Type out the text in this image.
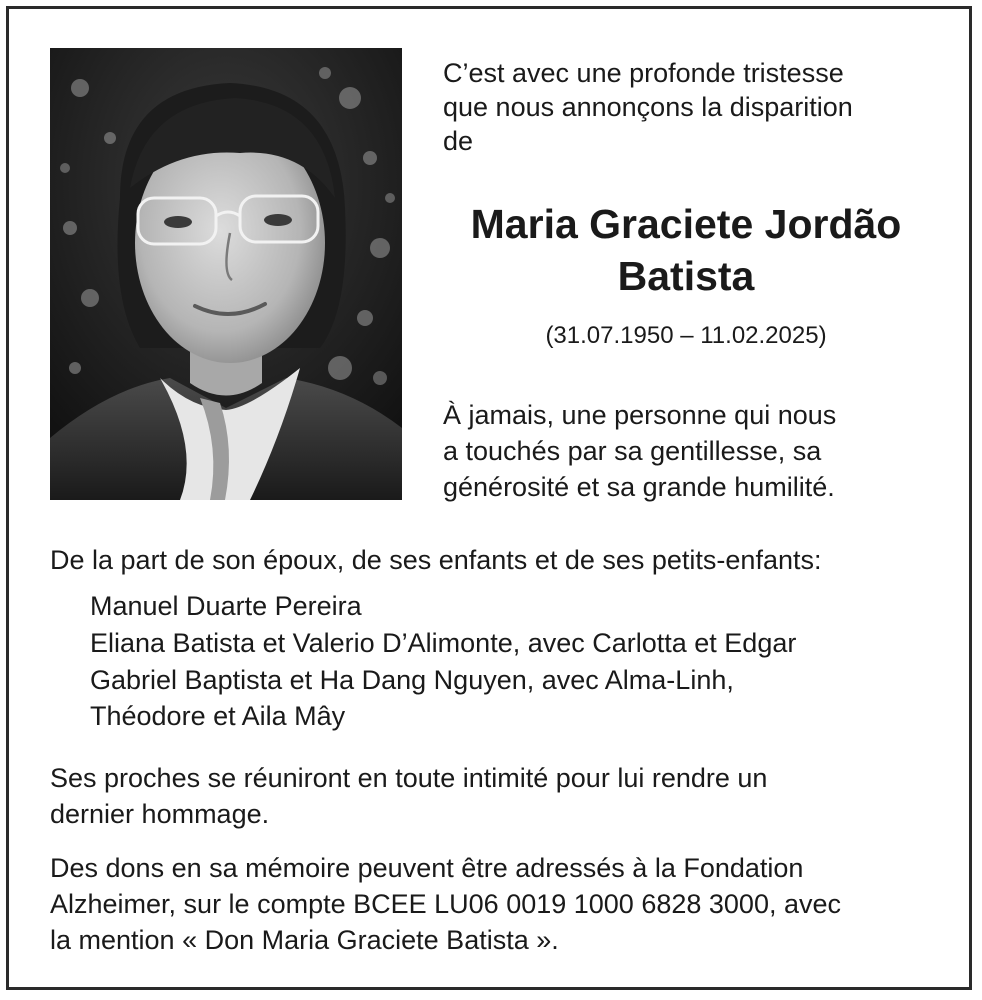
C’est avec une profonde tristesse
que nous annonçons la disparition
de

Maria Graciete Jordão
Batista

(31.07.1950 – 11.02.2025)

À jamais, une personne qui nous
a touchés par sa gentillesse, sa
générosité et sa grande humilité.

De la part de son époux, de ses enfants et de ses petits-enfants:

Manuel Duarte Pereira
Eliana Batista et Valerio D’Alimonte, avec Carlotta et Edgar
Gabriel Baptista et Ha Dang Nguyen, avec Alma-Linh,
Théodore et Aila Mây

Ses proches se réuniront en toute intimité pour lui rendre un
dernier hommage.

Des dons en sa mémoire peuvent être adressés à la Fondation
Alzheimer, sur le compte BCEE LU06 0019 1000 6828 3000, avec
la mention « Don Maria Graciete Batista ».
